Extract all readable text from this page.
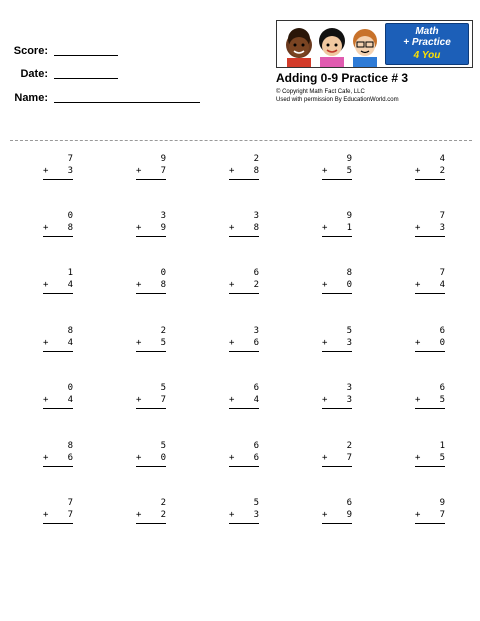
Score:
Date:
Name:
Math
+ Practice
4 You
Adding 0-9 Practice # 3
© Copyright Math Fact Cafe, LLC
Used with permission By EducationWorld.com
7
+ 3
9
+ 7
2
+ 8
9
+ 5
4
+ 2
0
+ 8
3
+ 9
3
+ 8
9
+ 1
7
+ 3
1
+ 4
0
+ 8
6
+ 2
8
+ 0
7
+ 4
8
+ 4
2
+ 5
3
+ 6
5
+ 3
6
+ 0
0
+ 4
5
+ 7
6
+ 4
3
+ 3
6
+ 5
8
+ 6
5
+ 0
6
+ 6
2
+ 7
1
+ 5
7
+ 7
2
+ 2
5
+ 3
6
+ 9
9
+ 7
